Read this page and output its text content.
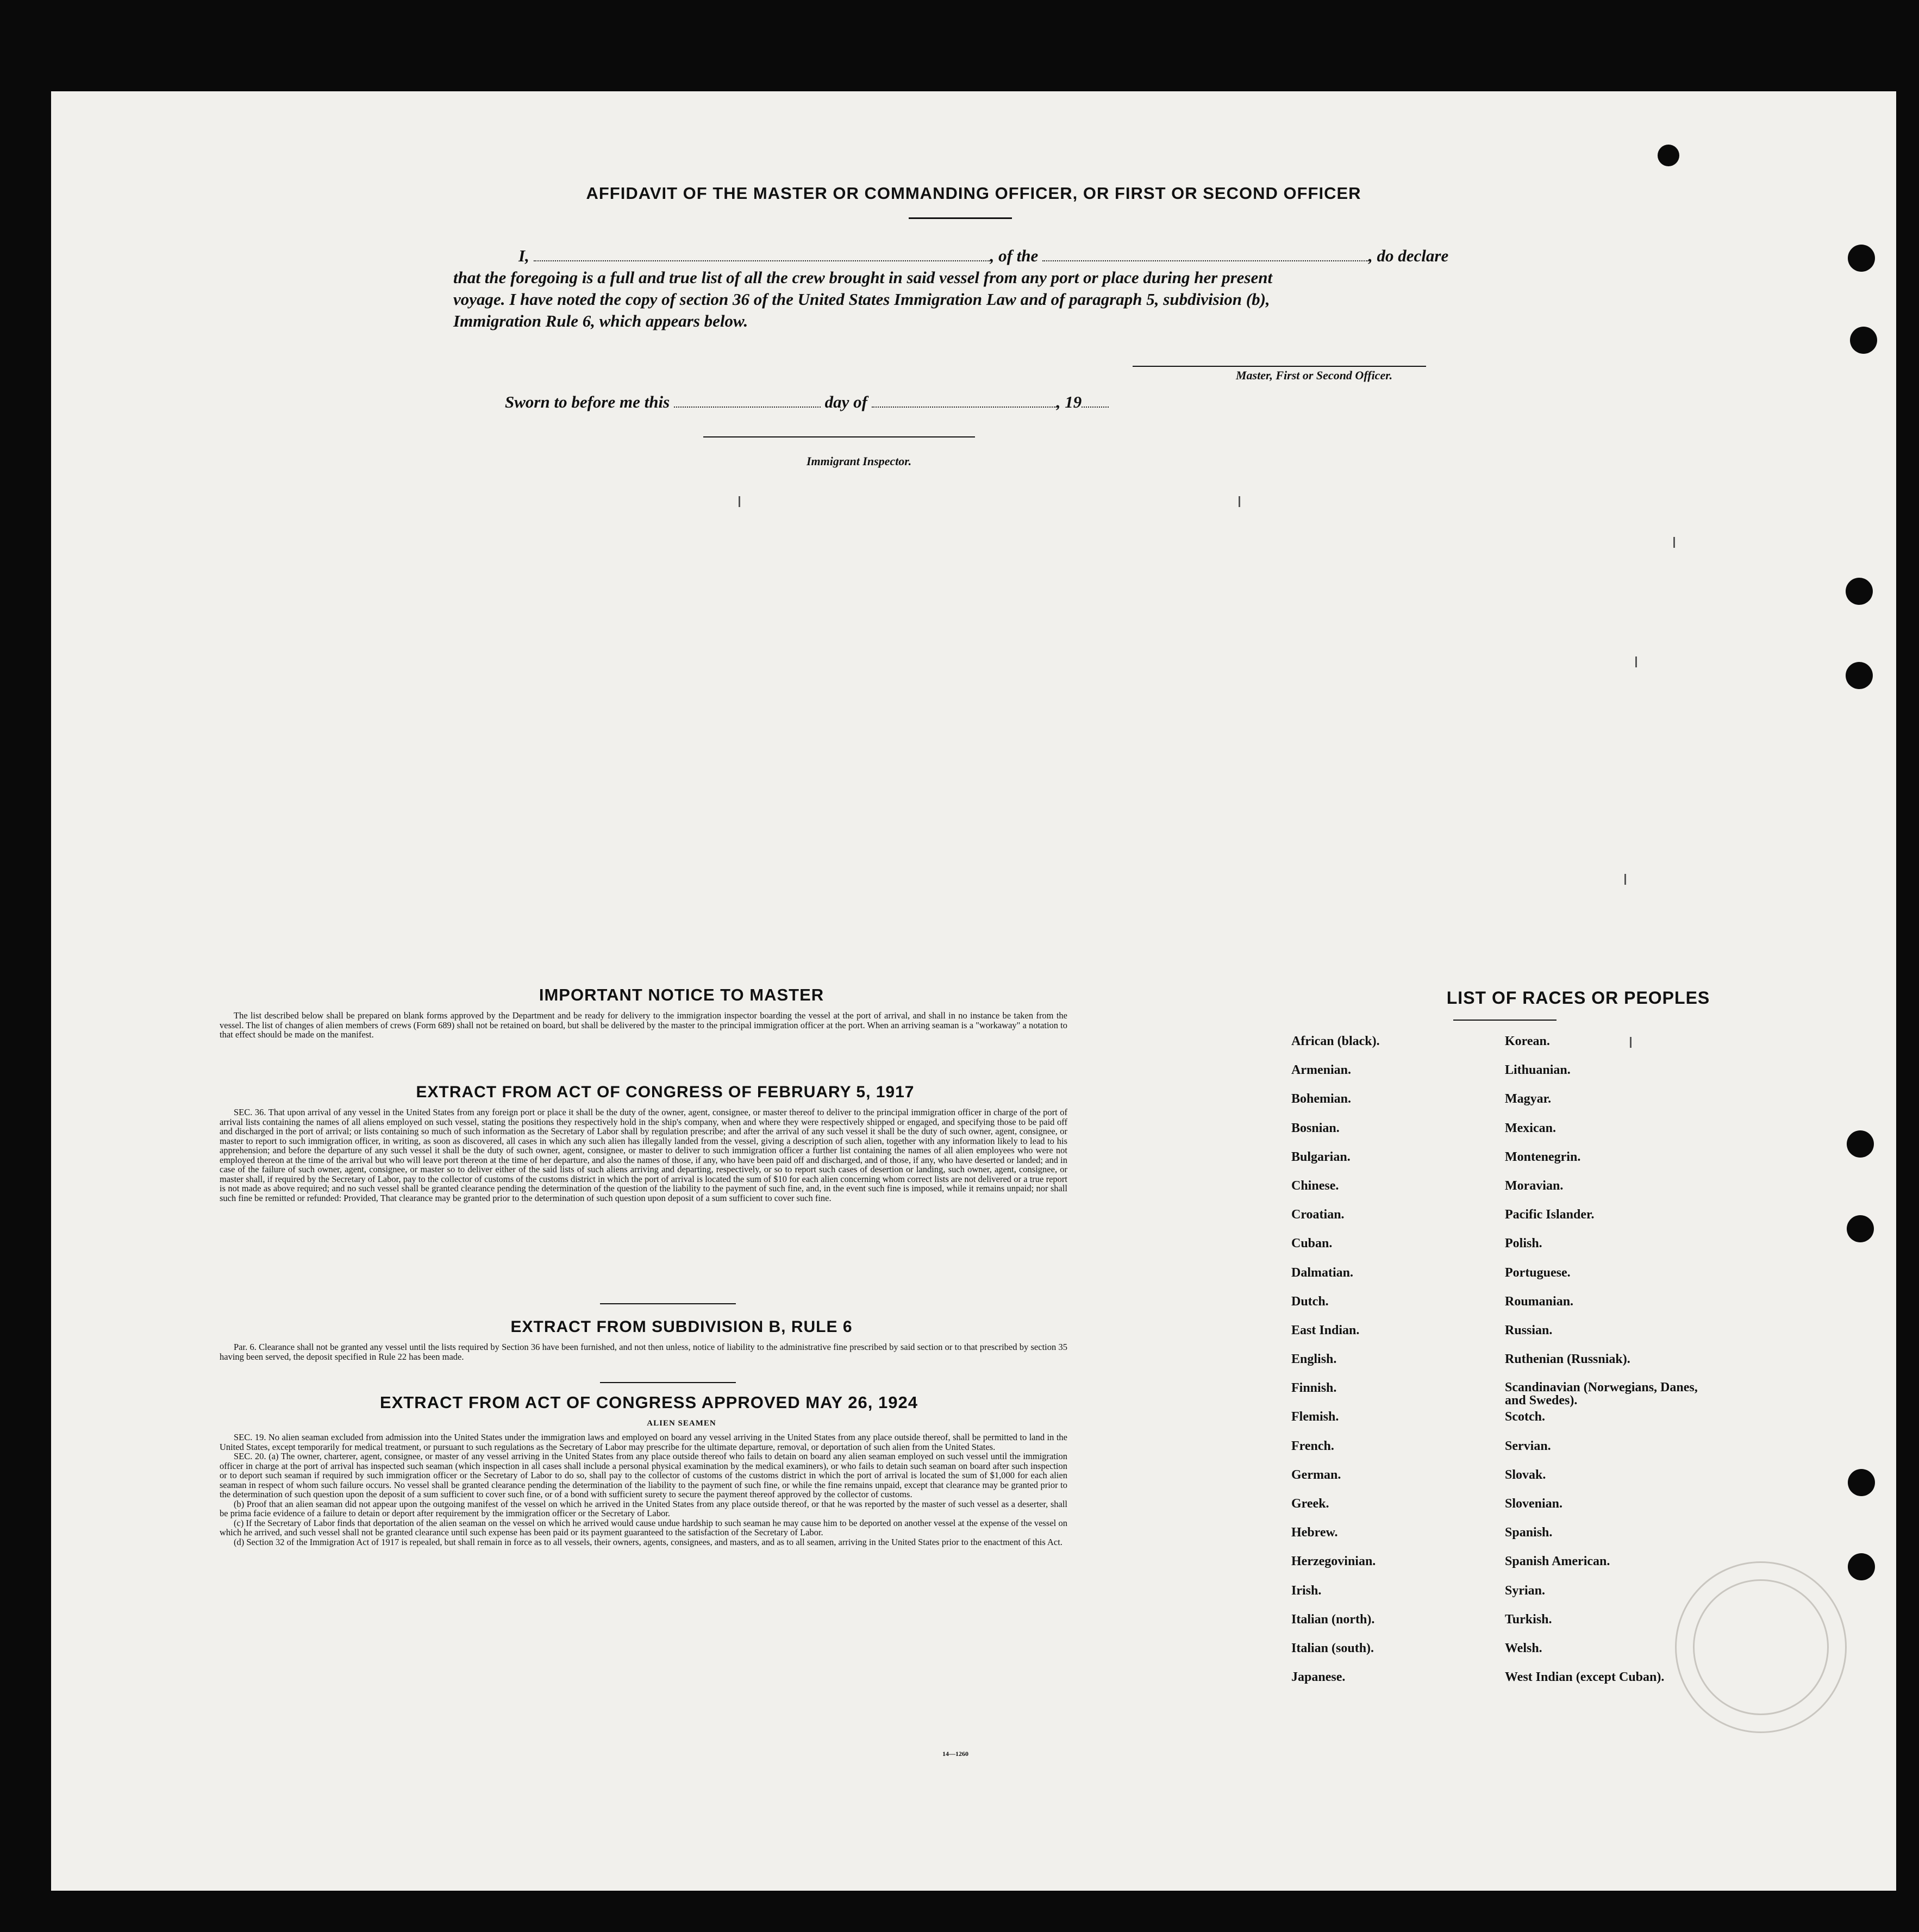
AFFIDAVIT OF THE MASTER OR COMMANDING OFFICER, OR FIRST OR SECOND OFFICER
I,	, of the	, do declare
that the foregoing is a full and true list of all the crew brought in said vessel from any port or place during her present
voyage. I have noted the copy of section 36 of the United States Immigration Law and of paragraph 5, subdivision (b),
Immigration Rule 6, which appears below.
Master, First or Second Officer.
Sworn to before me this	day of	, 19
Immigrant Inspector.
IMPORTANT NOTICE TO MASTER

The list described below shall be prepared on blank forms approved by the Department and be ready for delivery to the immigration inspector boarding the vessel at the port of arrival, and shall in no instance be taken from the vessel. The list of changes of alien members of crews (Form 689) shall not be retained on board, but shall be delivered by the master to the principal immigration officer at the port. When an arriving seaman is a "workaway" a notation to that effect should be made on the manifest.

EXTRACT FROM ACT OF CONGRESS OF FEBRUARY 5, 1917

SEC. 36. That upon arrival of any vessel in the United States from any foreign port or place it shall be the duty of the owner, agent, consignee, or master thereof to deliver to the principal immigration officer in charge of the port of arrival lists containing the names of all aliens employed on such vessel, stating the positions they respectively hold in the ship's company, when and where they were respectively shipped or engaged, and specifying those to be paid off and discharged in the port of arrival; or lists containing so much of such information as the Secretary of Labor shall by regulation prescribe; and after the arrival of any such vessel it shall be the duty of such owner, agent, consignee, or master to report to such immigration officer, in writing, as soon as discovered, all cases in which any such alien has illegally landed from the vessel, giving a description of such alien, together with any information likely to lead to his apprehension; and before the departure of any such vessel it shall be the duty of such owner, agent, consignee, or master to deliver to such immigration officer a further list containing the names of all alien employees who were not employed thereon at the time of the arrival but who will leave port thereon at the time of her departure, and also the names of those, if any, who have been paid off and discharged, and of those, if any, who have deserted or landed; and in case of the failure of such owner, agent, consignee, or master so to deliver either of the said lists of such aliens arriving and departing, respectively, or so to report such cases of desertion or landing, such owner, agent, consignee, or master shall, if required by the Secretary of Labor, pay to the collector of customs of the customs district in which the port of arrival is located the sum of $10 for each alien concerning whom correct lists are not delivered or a true report is not made as above required; and no such vessel shall be granted clearance pending the determination of the question of the liability to the payment of such fine, and, in the event such fine is imposed, while it remains unpaid; nor shall such fine be remitted or refunded: Provided, That clearance may be granted prior to the determination of such question upon deposit of a sum sufficient to cover such fine.

EXTRACT FROM SUBDIVISION B, RULE 6

Par. 6. Clearance shall not be granted any vessel until the lists required by Section 36 have been furnished, and not then unless, notice of liability to the administrative fine prescribed by said section or to that prescribed by section 35 having been served, the deposit specified in Rule 22 has been made.

EXTRACT FROM ACT OF CONGRESS APPROVED MAY 26, 1924
ALIEN SEAMEN

SEC. 19. No alien seaman excluded from admission into the United States under the immigration laws and employed on board any vessel arriving in the United States from any place outside thereof, shall be permitted to land in the United States, except temporarily for medical treatment, or pursuant to such regulations as the Secretary of Labor may prescribe for the ultimate departure, removal, or deportation of such alien from the United States.

SEC. 20. (a) The owner, charterer, agent, consignee, or master of any vessel arriving in the United States from any place outside thereof who fails to detain on board any alien seaman employed on such vessel until the immigration officer in charge at the port of arrival has inspected such seaman (which inspection in all cases shall include a personal physical examination by the medical examiners), or who fails to detain such seaman on board after such inspection or to deport such seaman if required by such immigration officer or the Secretary of Labor to do so, shall pay to the collector of customs of the customs district in which the port of arrival is located the sum of $1,000 for each alien seaman in respect of whom such failure occurs. No vessel shall be granted clearance pending the determination of the liability to the payment of such fine, or while the fine remains unpaid, except that clearance may be granted prior to the determination of such question upon the deposit of a sum sufficient to cover such fine, or of a bond with sufficient surety to secure the payment thereof approved by the collector of customs.

(b) Proof that an alien seaman did not appear upon the outgoing manifest of the vessel on which he arrived in the United States from any place outside thereof, or that he was reported by the master of such vessel as a deserter, shall be prima facie evidence of a failure to detain or deport after requirement by the immigration officer or the Secretary of Labor.

(c) If the Secretary of Labor finds that deportation of the alien seaman on the vessel on which he arrived would cause undue hardship to such seaman he may cause him to be deported on another vessel at the expense of the vessel on which he arrived, and such vessel shall not be granted clearance until such expense has been paid or its payment guaranteed to the satisfaction of the Secretary of Labor.

(d) Section 32 of the Immigration Act of 1917 is repealed, but shall remain in force as to all vessels, their owners, agents, consignees, and masters, and as to all seamen, arriving in the United States prior to the enactment of this Act.

14—1260
LIST OF RACES OR PEOPLES
African (black).	Korean.
Armenian.	Lithuanian.
Bohemian.	Magyar.
Bosnian.	Mexican.
Bulgarian.	Montenegrin.
Chinese.	Moravian.
Croatian.	Pacific Islander.
Cuban.	Polish.
Dalmatian.	Portuguese.
Dutch.	Roumanian.
East Indian.	Russian.
English.	Ruthenian (Russniak).
Finnish.	Scandinavian (Norwegians, Danes, and Swedes).
Flemish.	Scotch.
French.	Servian.
German.	Slovak.
Greek.	Slovenian.
Hebrew.	Spanish.
Herzegovinian.	Spanish American.
Irish.	Syrian.
Italian (north).	Turkish.
Italian (south).	Welsh.
Japanese.	West Indian (except Cuban).
